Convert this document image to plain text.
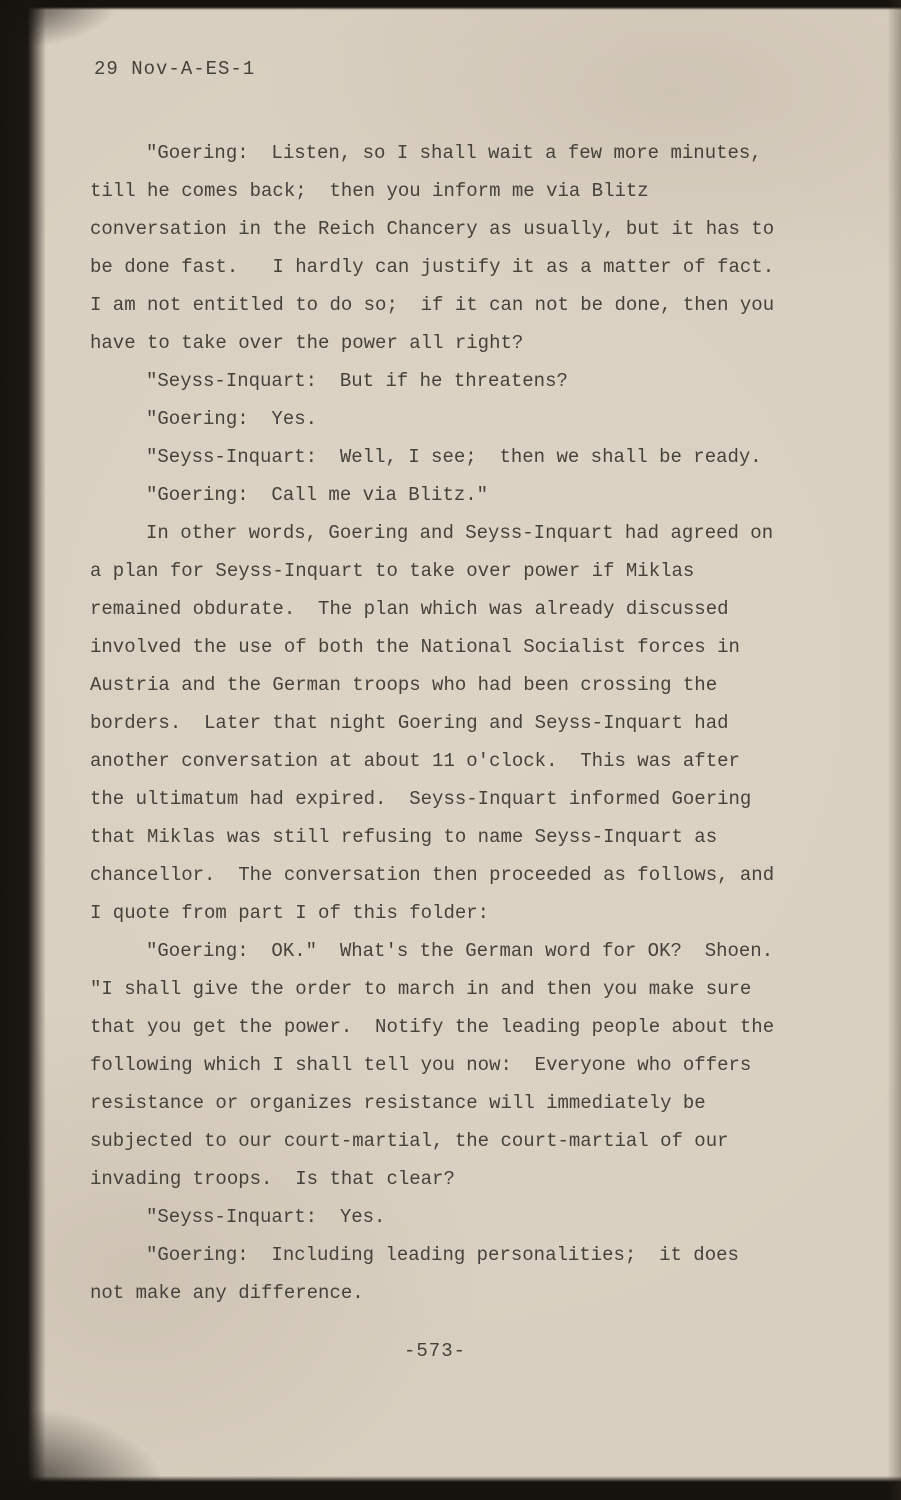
29 Nov-A-ES-1

"Goering:  Listen, so I shall wait a few more minutes, till he comes back;  then you inform me via Blitz conversation in the Reich Chancery as usually, but it has to be done fast.   I hardly can justify it as a matter of fact.   I am not entitled to do so;  if it can not be done, then you have to take over the power all right?

"Seyss-Inquart:  But if he threatens?

"Goering:  Yes.

"Seyss-Inquart:  Well, I see;  then we shall be ready.

"Goering:  Call me via Blitz."

In other words, Goering and Seyss-Inquart had agreed on a plan for Seyss-Inquart to take over power if Miklas remained obdurate.  The plan which was already discussed involved the use of both the National Socialist forces in Austria and the German troops who had been crossing the borders.  Later that night Goering and Seyss-Inquart had another conversation at about 11 o'clock.  This was after the ultimatum had expired.  Seyss-Inquart informed Goering that Miklas was still refusing to name Seyss-Inquart as chancellor.  The conversation then proceeded as follows, and I quote from part I of this folder:

"Goering:  OK."  What's the German word for OK?  Shoen.  "I shall give the order to march in and then you make sure that you get the power.  Notify the leading people about the following which I shall tell you now:  Everyone who offers resistance or organizes resistance will immediately be subjected to our court-martial, the court-martial of our invading troops.  Is that clear?

"Seyss-Inquart:  Yes.

"Goering:  Including leading personalities;  it does not make any difference.

-573-
